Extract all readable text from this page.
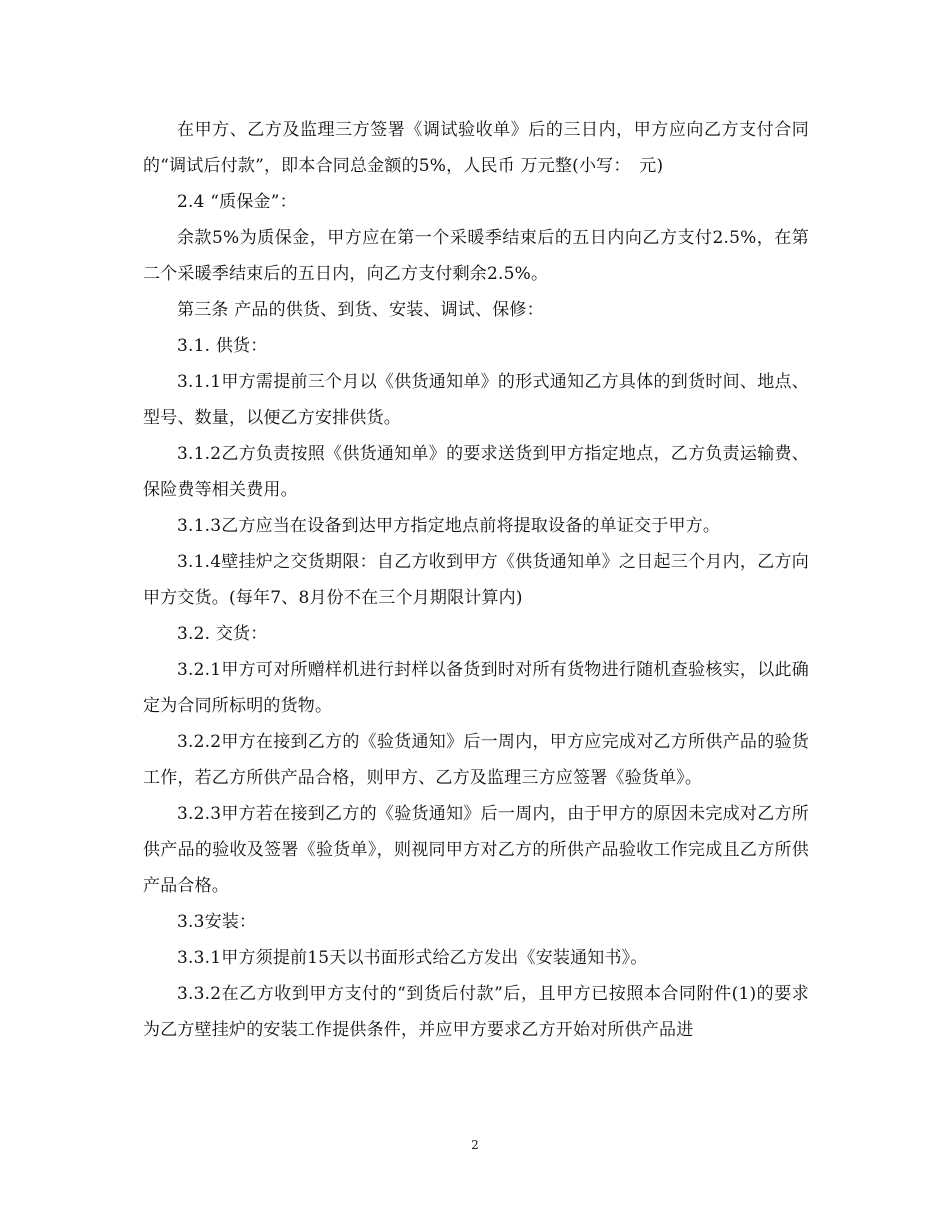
在甲方、乙方及监理三方签署《调试验收单》后的三日内，甲方应向乙方支付合同的“调试后付款”，即本合同总金额的5%，人民币 万元整(小写：　元)

2.4 “质保金”：

余款5%为质保金，甲方应在第一个采暖季结束后的五日内向乙方支付2.5%，在第二个采暖季结束后的五日内，向乙方支付剩余2.5%。

第三条 产品的供货、到货、安装、调试、保修：

3.1. 供货：

3.1.1甲方需提前三个月以《供货通知单》的形式通知乙方具体的到货时间、地点、型号、数量，以便乙方安排供货。

3.1.2乙方负责按照《供货通知单》的要求送货到甲方指定地点，乙方负责运输费、保险费等相关费用。

3.1.3乙方应当在设备到达甲方指定地点前将提取设备的单证交于甲方。

3.1.4壁挂炉之交货期限：自乙方收到甲方《供货通知单》之日起三个月内，乙方向甲方交货。(每年7、8月份不在三个月期限计算内)

3.2. 交货：

3.2.1甲方可对所赠样机进行封样以备货到时对所有货物进行随机查验核实，以此确定为合同所标明的货物。

3.2.2甲方在接到乙方的《验货通知》后一周内，甲方应完成对乙方所供产品的验货工作，若乙方所供产品合格，则甲方、乙方及监理三方应签署《验货单》。

3.2.3甲方若在接到乙方的《验货通知》后一周内，由于甲方的原因未完成对乙方所供产品的验收及签署《验货单》，则视同甲方对乙方的所供产品验收工作完成且乙方所供产品合格。

3.3安装：

3.3.1甲方须提前15天以书面形式给乙方发出《安装通知书》。

3.3.2在乙方收到甲方支付的“到货后付款”后，且甲方已按照本合同附件(1)的要求为乙方壁挂炉的安装工作提供条件，并应甲方要求乙方开始对所供产品进

2
